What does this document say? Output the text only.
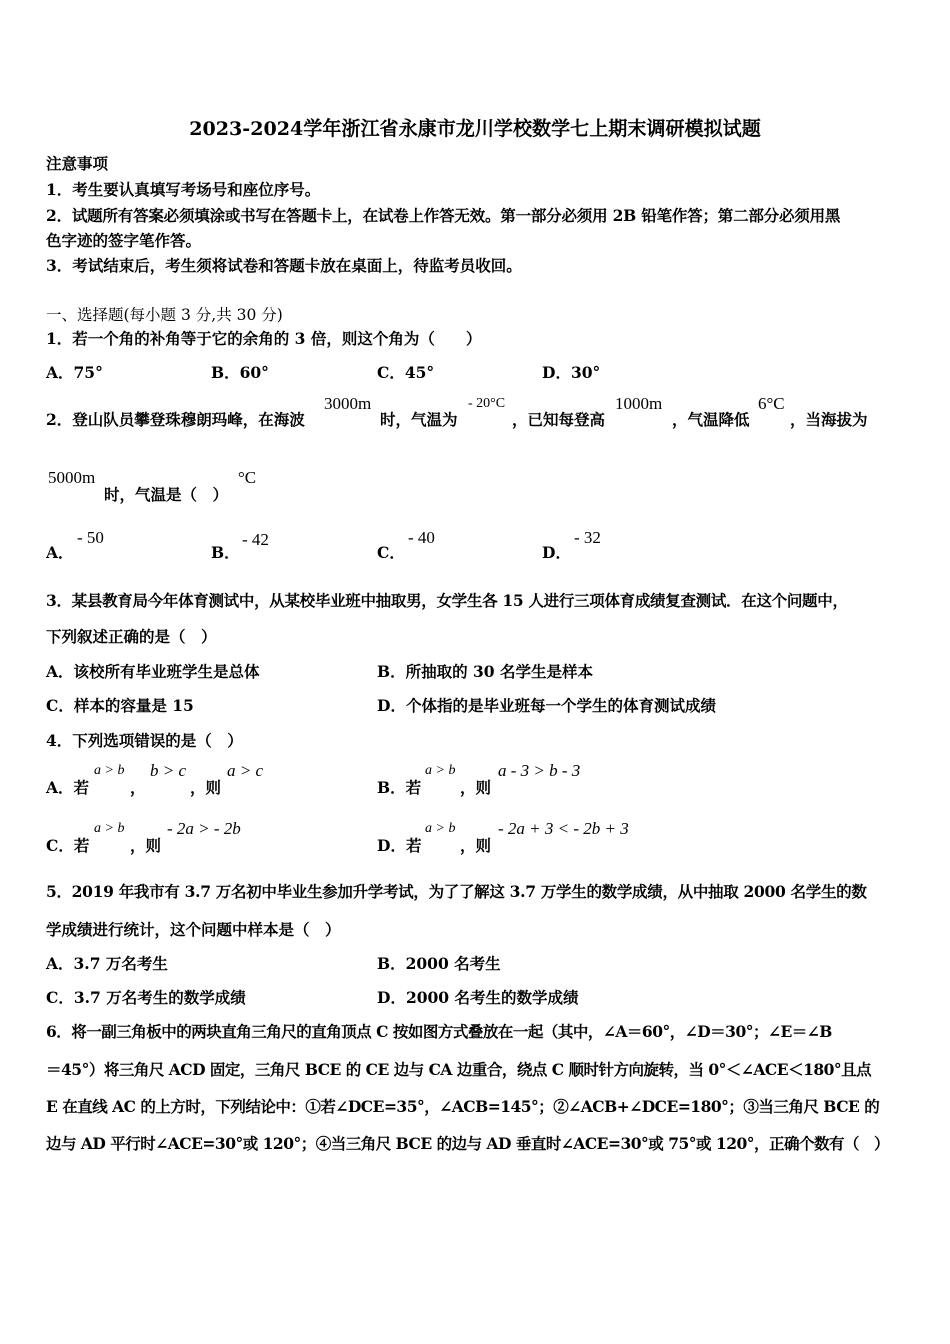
2023-2024学年浙江省永康市龙川学校数学七上期末调研模拟试题
注意事项
1．考生要认真填写考场号和座位序号。
2．试题所有答案必须填涂或书写在答题卡上，在试卷上作答无效。第一部分必须用 2B 铅笔作答；第二部分必须用黑
色字迹的签字笔作答。
3．考试结束后，考生须将试卷和答题卡放在桌面上，待监考员收回。
一、选择题(每小题 3 分,共 30 分)
1．若一个角的补角等于它的余角的 3 倍，则这个角为（　　）
A．75°	B．60°	C．45°	D．30°
2．登山队员攀登珠穆朗玛峰，在海波
3000m
时，气温为
- 20°C
，已知每登高
1000m
，气温降低
6°C
，当海拔为
5000m
时，气温是（　）
°C
A．
- 50
B．
- 42
C．
- 40
D．
- 32
3．某县教育局今年体育测试中，从某校毕业班中抽取男，女学生各 15 人进行三项体育成绩复查测试．在这个问题中，
下列叙述正确的是（　）
A．该校所有毕业班学生是总体	B．所抽取的 30 名学生是样本
C．样本的容量是 15	D．个体指的是毕业班每一个学生的体育测试成绩
4．下列选项错误的是（　）
A．若
a > b
，
b > c
，则
a > c
B．若
a > b
，则
a - 3 > b - 3
C．若
a > b
，则
- 2a > - 2b
D．若
a > b
，则
- 2a + 3 < - 2b + 3
5．2019 年我市有 3.7 万名初中毕业生参加升学考试，为了了解这 3.7 万学生的数学成绩，从中抽取 2000 名学生的数
学成绩进行统计，这个问题中样本是（　）
A．3.7 万名考生	B．2000 名考生
C．3.7 万名考生的数学成绩	D．2000 名考生的数学成绩
6．将一副三角板中的两块直角三角尺的直角顶点 C 按如图方式叠放在一起（其中，∠A＝60°，∠D＝30°；∠E＝∠B
＝45°）将三角尺 ACD 固定，三角尺 BCE 的 CE 边与 CA 边重合，绕点 C 顺时针方向旋转，当 0°＜∠ACE＜180°且点
E 在直线 AC 的上方时，下列结论中：①若∠DCE=35°，∠ACB=145°；②∠ACB+∠DCE=180°；③当三角尺 BCE 的
边与 AD 平行时∠ACE=30°或 120°；④当三角尺 BCE 的边与 AD 垂直时∠ACE=30°或 75°或 120°，正确个数有（　）
